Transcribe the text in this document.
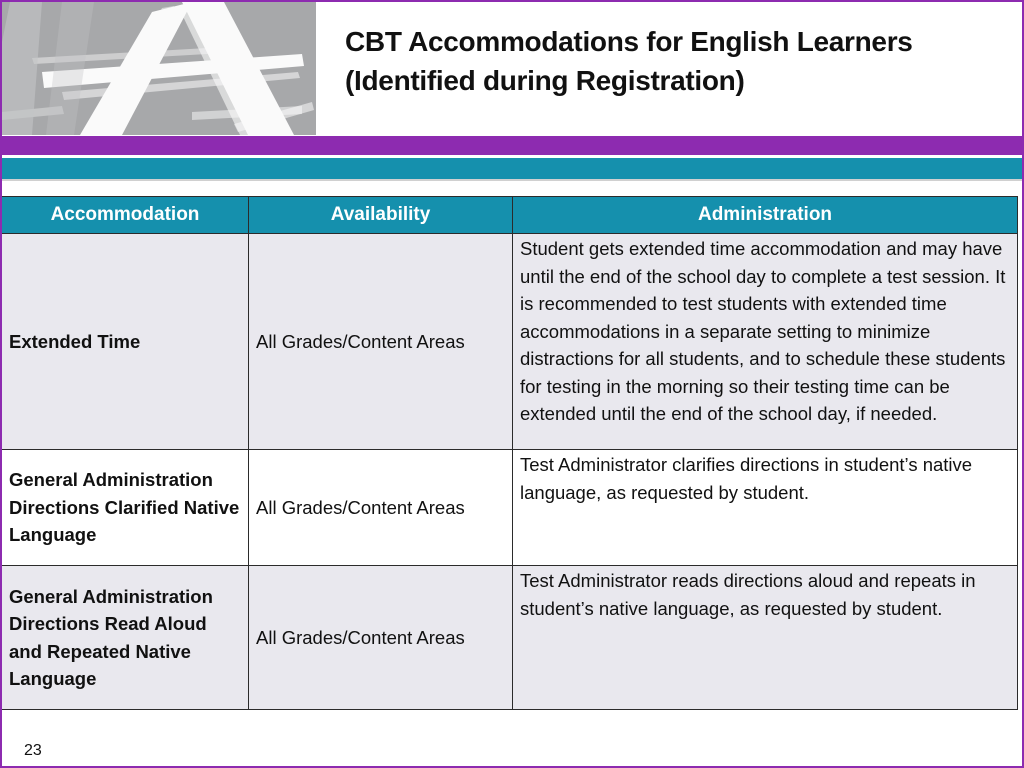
CBT Accommodations for English Learners
(Identified during Registration)
Accommodation	Availability	Administration
Extended Time	All Grades/Content Areas	Student gets extended time accommodation and may have until the end of the school day to complete a test session. It is recommended to test students with extended time accommodations in a separate setting to minimize distractions for all students, and to schedule these students for testing in the morning so their testing time can be extended until the end of the school day, if needed.
General Administration Directions Clarified Native Language	All Grades/Content Areas	Test Administrator clarifies directions in student’s native language, as requested by student.
General Administration Directions Read Aloud and Repeated Native Language	All Grades/Content Areas	Test Administrator reads directions aloud and repeats in student’s native language, as requested by student.
23
